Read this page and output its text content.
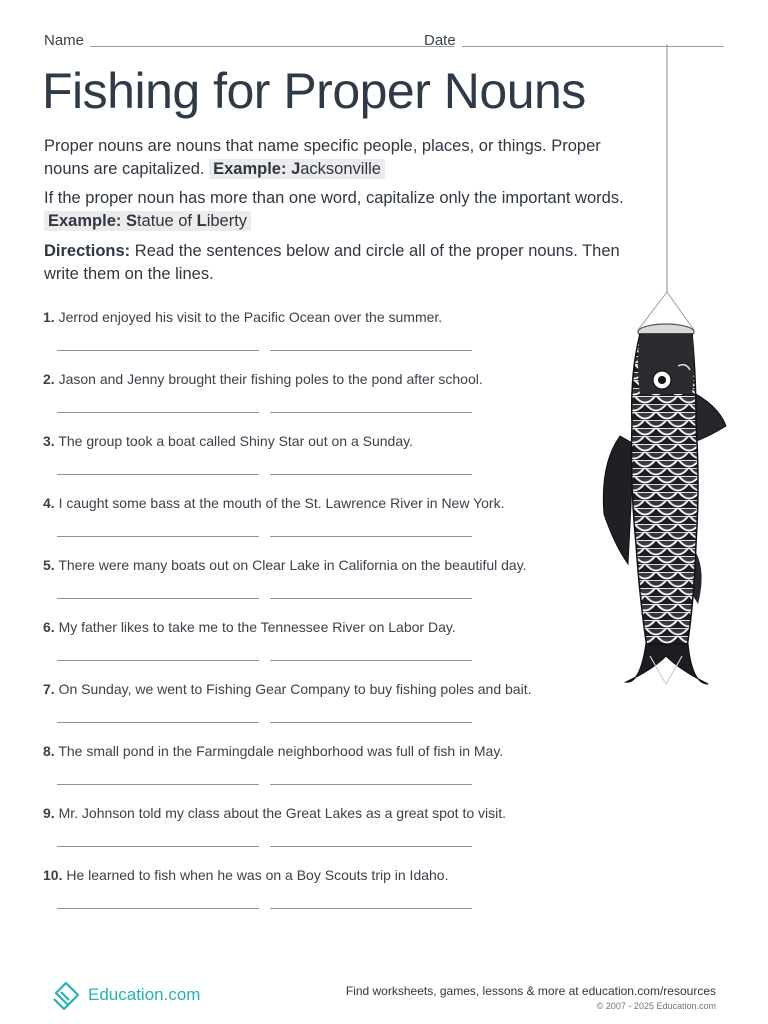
Name	Date
Fishing for Proper Nouns

Proper nouns are nouns that name specific people, places, or things. Proper nouns are capitalized. Example: Jacksonville

If the proper noun has more than one word, capitalize only the important words. Example: Statue of Liberty

Directions: Read the sentences below and circle all of the proper nouns. Then write them on the lines.
1. Jerrod enjoyed his visit to the Pacific Ocean over the summer.
2. Jason and Jenny brought their fishing poles to the pond after school.
3. The group took a boat called Shiny Star out on a Sunday.
4. I caught some bass at the mouth of the St. Lawrence River in New York.
5. There were many boats out on Clear Lake in California on the beautiful day.
6. My father likes to take me to the Tennessee River on Labor Day.
7. On Sunday, we went to Fishing Gear Company to buy fishing poles and bait.
8. The small pond in the Farmingdale neighborhood was full of fish in May.
9. Mr. Johnson told my class about the Great Lakes as a great spot to visit.
10. He learned to fish when he was on a Boy Scouts trip in Idaho.
Education.com	Find worksheets, games, lessons & more at education.com/resources
© 2007 - 2025 Education.com
